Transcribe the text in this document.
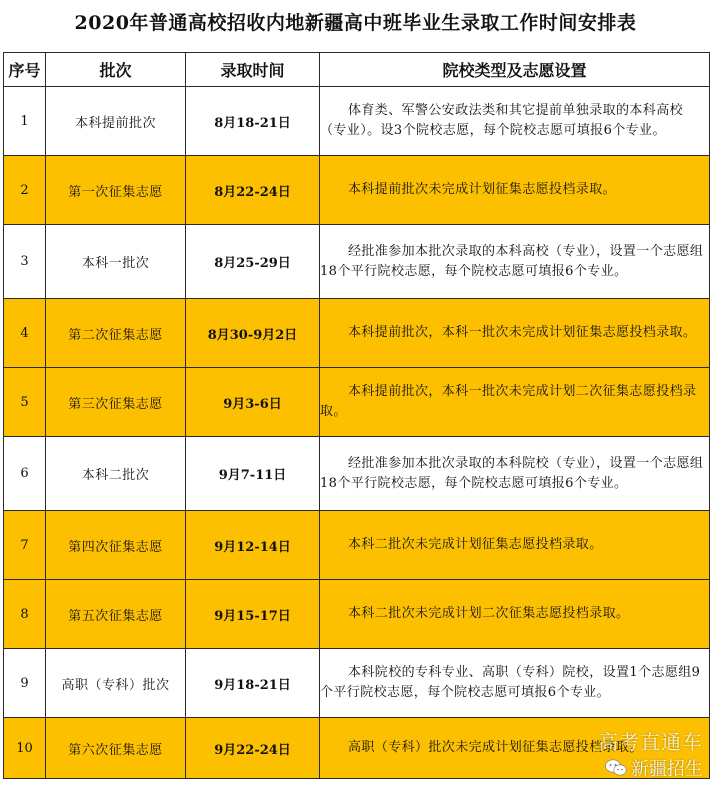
2020年普通高校招收内地新疆高中班毕业生录取工作时间安排表
序号	批次	录取时间	院校类型及志愿设置
1	本科提前批次	8月18-21日	体育类、军警公安政法类和其它提前单独录取的本科高校（专业）。设3个院校志愿，每个院校志愿可填报6个专业。

2	第一次征集志愿	8月22-24日	本科提前批次未完成计划征集志愿投档录取。

3	本科一批次	8月25-29日	经批准参加本批次录取的本科高校（专业），设置一个志愿组18个平行院校志愿，每个院校志愿可填报6个专业。

4	第二次征集志愿	8月30-9月2日	本科提前批次，本科一批次未完成计划征集志愿投档录取。

5	第三次征集志愿	9月3-6日	本科提前批次，本科一批次未完成计划二次征集志愿投档录取。

6	本科二批次	9月7-11日	经批准参加本批次录取的本科院校（专业），设置一个志愿组18个平行院校志愿，每个院校志愿可填报6个专业。

7	第四次征集志愿	9月12-14日	本科二批次未完成计划征集志愿投档录取。

8	第五次征集志愿	9月15-17日	本科二批次未完成计划二次征集志愿投档录取。

9	高职（专科）批次	9月18-21日	本科院校的专科专业、高职（专科）院校，设置1个志愿组9个平行院校志愿，每个院校志愿可填报6个专业。

10	第六次征集志愿	9月22-24日	高职（专科）批次未完成计划征集志愿投档录取。
高考直通车
新疆招生
